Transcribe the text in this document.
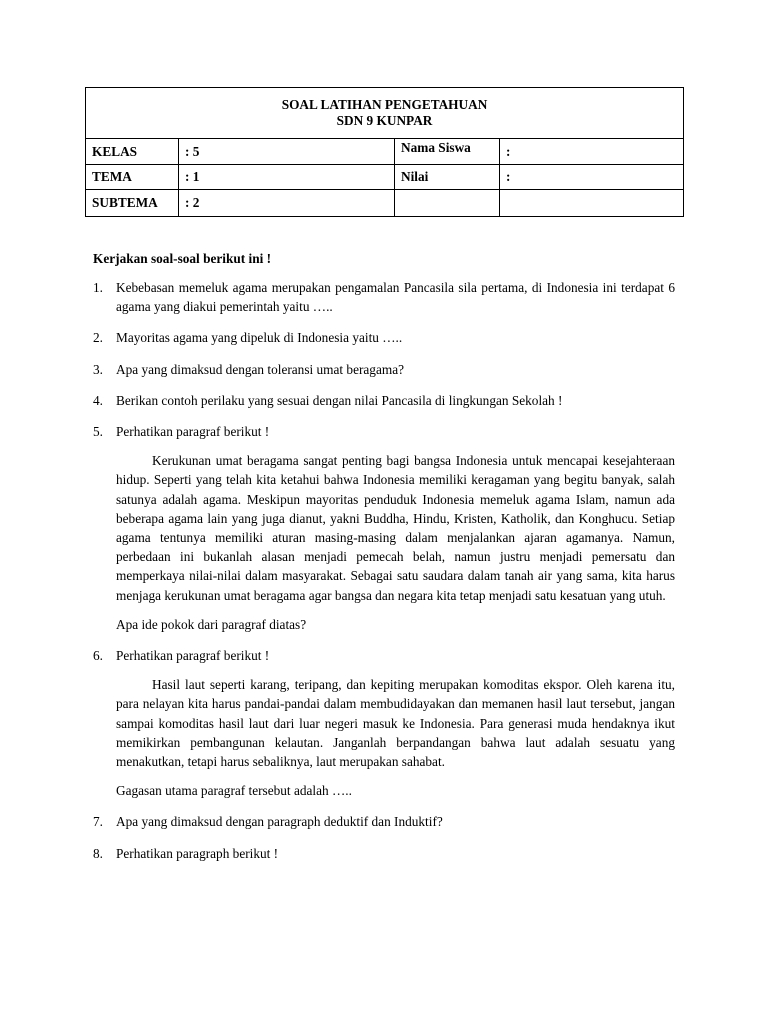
SOAL LATIHAN PENGETAHUAN
SDN 9 KUNPAR			

KELAS	: 5	Nama Siswa	:
TEMA	: 1	Nilai	:
SUBTEMA	: 2		

Kerjakan soal-soal berikut ini !

1. Kebebasan memeluk agama merupakan pengamalan Pancasila sila pertama, di Indonesia ini terdapat 6 agama yang diakui pemerintah yaitu …..
2. Mayoritas agama yang dipeluk di Indonesia yaitu …..
3. Apa yang dimaksud dengan toleransi umat beragama?
4. Berikan contoh perilaku yang sesuai dengan nilai Pancasila di lingkungan Sekolah !
5. Perhatikan paragraf berikut !

Kerukunan umat beragama sangat penting bagi bangsa Indonesia untuk mencapai kesejahteraan hidup. Seperti yang telah kita ketahui bahwa Indonesia memiliki keragaman yang begitu banyak, salah satunya adalah agama. Meskipun mayoritas penduduk Indonesia memeluk agama Islam, namun ada beberapa agama lain yang juga dianut, yakni Buddha, Hindu, Kristen, Katholik, dan Konghucu. Setiap agama tentunya memiliki aturan masing-masing dalam menjalankan ajaran agamanya. Namun, perbedaan ini bukanlah alasan menjadi pemecah belah, namun justru menjadi pemersatu dan memperkaya nilai-nilai dalam masyarakat. Sebagai satu saudara dalam tanah air yang sama, kita harus menjaga kerukunan umat beragama agar bangsa dan negara kita tetap menjadi satu kesatuan yang utuh.

Apa ide pokok dari paragraf diatas?

6. Perhatikan paragraf berikut !

Hasil laut seperti karang, teripang, dan kepiting merupakan komoditas ekspor. Oleh karena itu, para nelayan kita harus pandai-pandai dalam membudidayakan dan memanen hasil laut tersebut, jangan sampai komoditas hasil laut dari luar negeri masuk ke Indonesia. Para generasi muda hendaknya ikut memikirkan pembangunan kelautan. Janganlah berpandangan bahwa laut adalah sesuatu yang menakutkan, tetapi harus sebaliknya, laut merupakan sahabat.

Gagasan utama paragraf tersebut adalah …..

7. Apa yang dimaksud dengan paragraph deduktif dan Induktif?
8. Perhatikan paragraph berikut !
